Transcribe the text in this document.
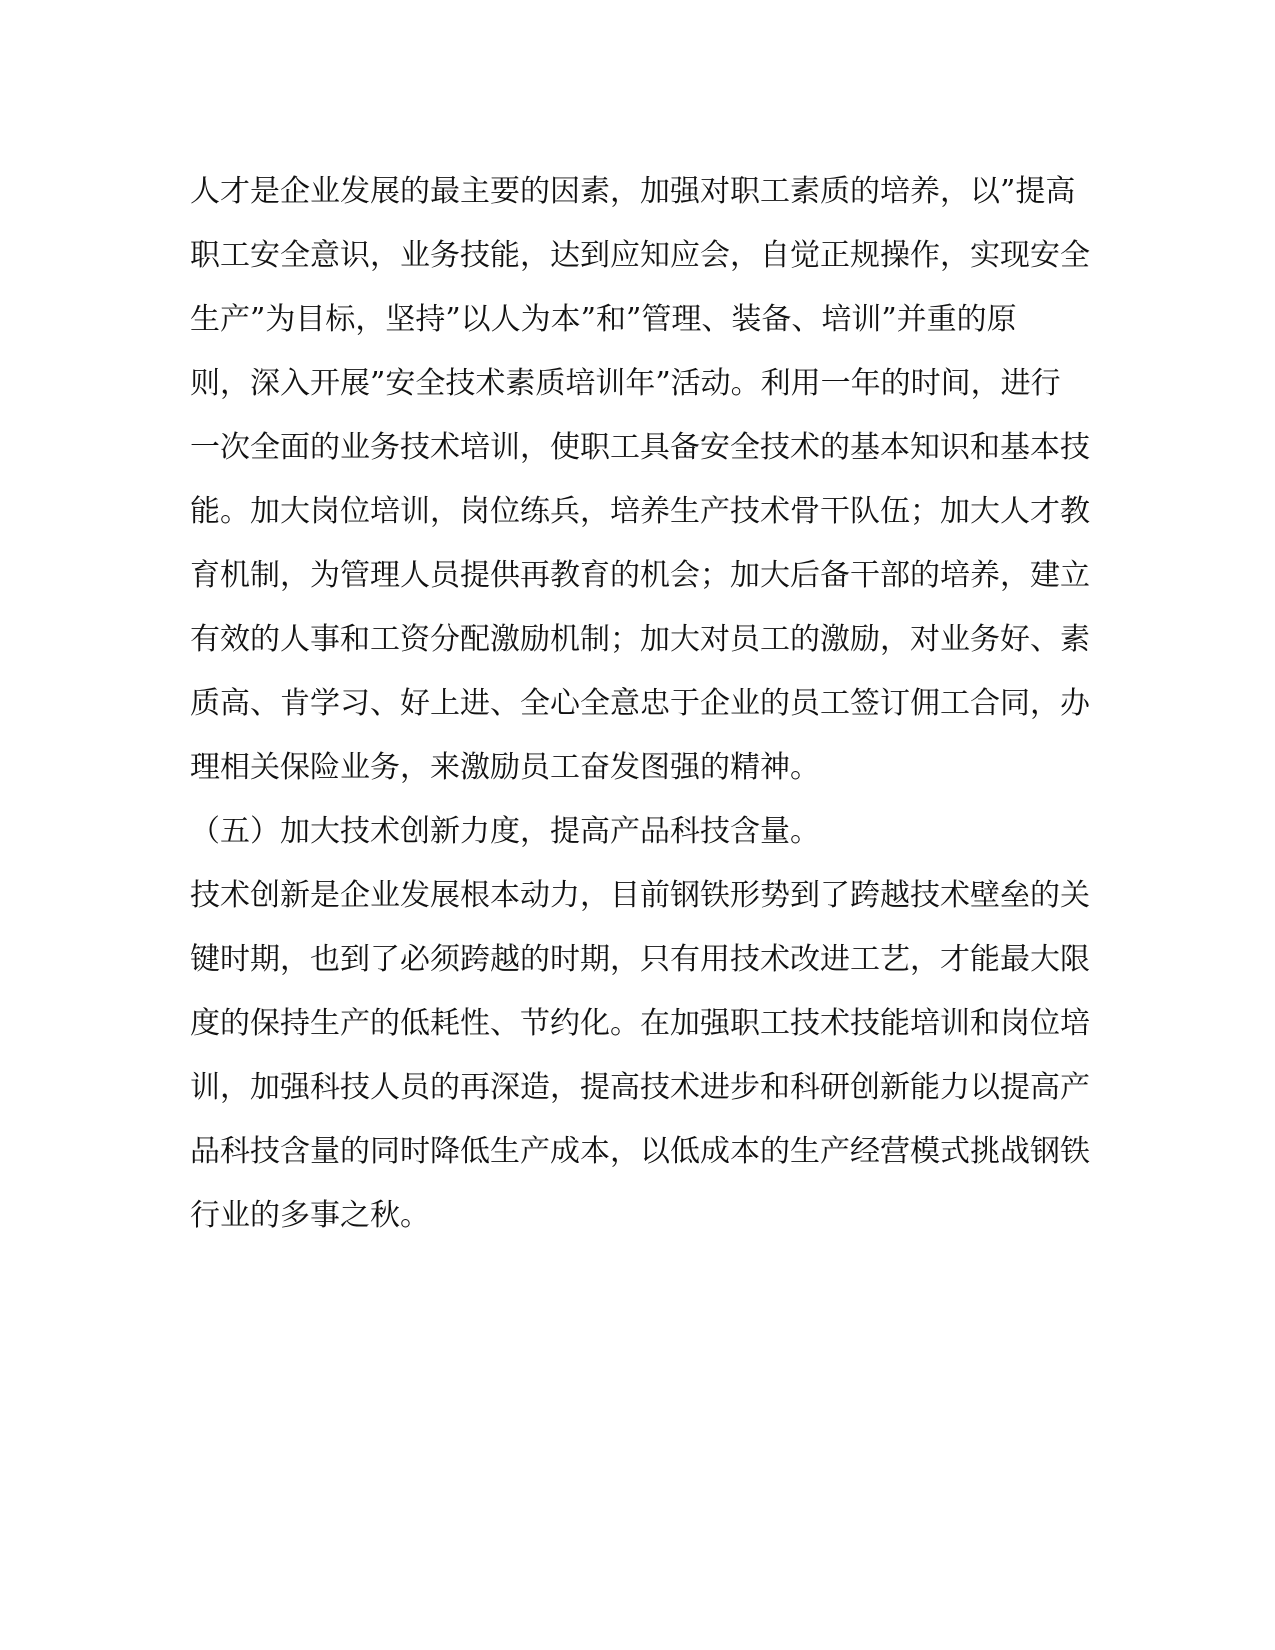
人才是企业发展的最主要的因素，加强对职工素质的培养，以”提高
职工安全意识，业务技能，达到应知应会，自觉正规操作，实现安全
生产”为目标，坚持”以人为本”和”管理、装备、培训”并重的原
则，深入开展”安全技术素质培训年”活动。利用一年的时间，进行
一次全面的业务技术培训，使职工具备安全技术的基本知识和基本技
能。加大岗位培训，岗位练兵，培养生产技术骨干队伍；加大人才教
育机制，为管理人员提供再教育的机会；加大后备干部的培养，建立
有效的人事和工资分配激励机制；加大对员工的激励，对业务好、素
质高、肯学习、好上进、全心全意忠于企业的员工签订佣工合同，办
理相关保险业务，来激励员工奋发图强的精神。
（五）加大技术创新力度，提高产品科技含量。
技术创新是企业发展根本动力，目前钢铁形势到了跨越技术壁垒的关
键时期，也到了必须跨越的时期，只有用技术改进工艺，才能最大限
度的保持生产的低耗性、节约化。在加强职工技术技能培训和岗位培
训，加强科技人员的再深造，提高技术进步和科研创新能力以提高产
品科技含量的同时降低生产成本，以低成本的生产经营模式挑战钢铁
行业的多事之秋。
